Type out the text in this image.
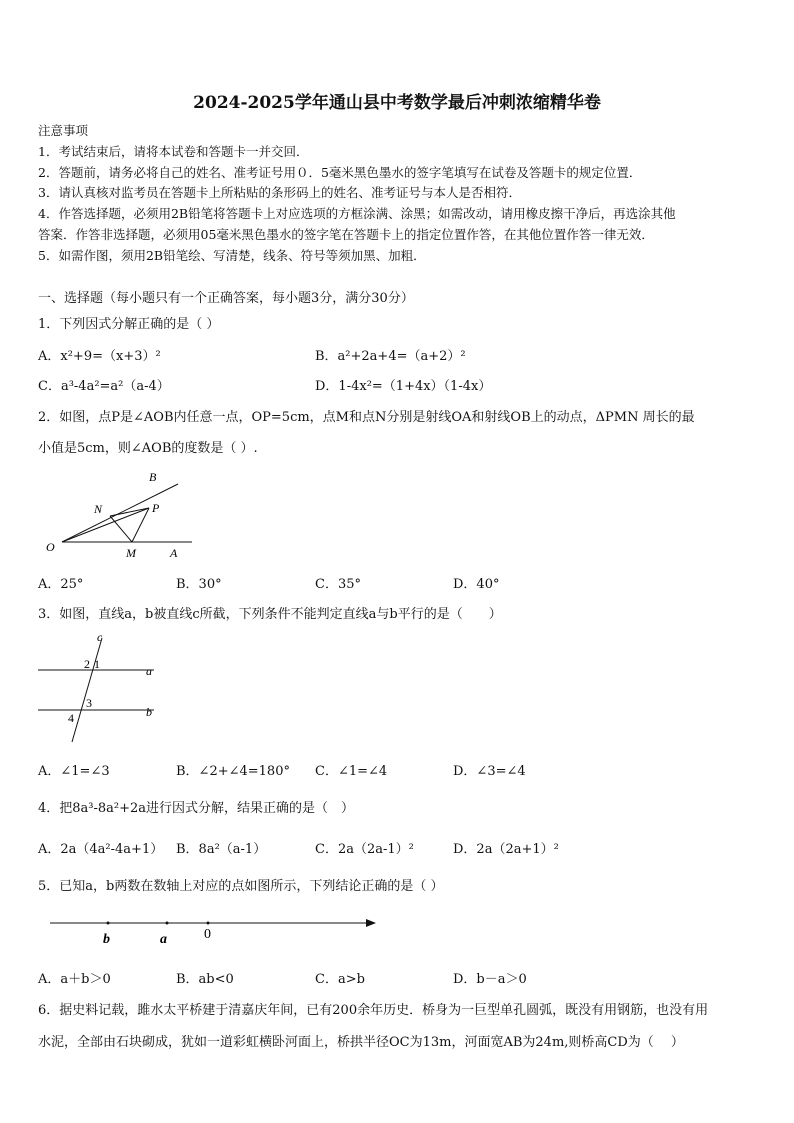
2024-2025学年通山县中考数学最后冲刺浓缩精华卷
注意事项
1．考试结束后，请将本试卷和答题卡一并交回．
2．答题前，请务必将自己的姓名、准考证号用０．5毫米黑色墨水的签字笔填写在试卷及答题卡的规定位置．
3．请认真核对监考员在答题卡上所粘贴的条形码上的姓名、准考证号与本人是否相符．
4．作答选择题，必须用2B铅笔将答题卡上对应选项的方框涂满、涂黑；如需改动，请用橡皮擦干净后，再选涂其他
答案．作答非选择题，必须用05毫米黑色墨水的签字笔在答题卡上的指定位置作答，在其他位置作答一律无效．
5．如需作图，须用2B铅笔绘、写清楚，线条、符号等须加黑、加粗．
一、选择题（每小题只有一个正确答案，每小题3分，满分30分）
1．下列因式分解正确的是（ ）
A．x²+9=（x+3）²	B．a²+2a+4=（a+2）²
C．a³-4a²=a²（a-4）	D．1-4x²=（1+4x）（1-4x）
2．如图，点P是∠AOB内任意一点，OP=5cm，点M和点N分别是射线OA和射线OB上的动点，ΔPMN 周长的最
小值是5cm，则∠AOB的度数是（ ）.
B
N	P
O	M	A
A．25°	B．30°	C．35°	D．40°
3．如图，直线a，b被直线c所截，下列条件不能判定直线a与b平行的是（　　）
c
a
b
2 1
3
4
A．∠1=∠3	B．∠2+∠4=180° C．∠1=∠4	D．∠3=∠4
4．把8a³-8a²+2a进行因式分解，结果正确的是（　）
A．2a（4a²-4a+1） B．8a²（a-1）	C．2a（2a-1）²	D．2a（2a+1）²
5．已知a，b两数在数轴上对应的点如图所示，下列结论正确的是（ ）
b	a	0
A．a＋b＞0	B．ab<0	C．a>b	D．b－a＞0
6．据史料记载，雎水太平桥建于清嘉庆年间，已有200余年历史．桥身为一巨型单孔圆弧，既没有用钢筋，也没有用
水泥，全部由石块砌成，犹如一道彩虹横卧河面上，桥拱半径OC为13m，河面宽AB为24m,则桥高CD为（　 ）
